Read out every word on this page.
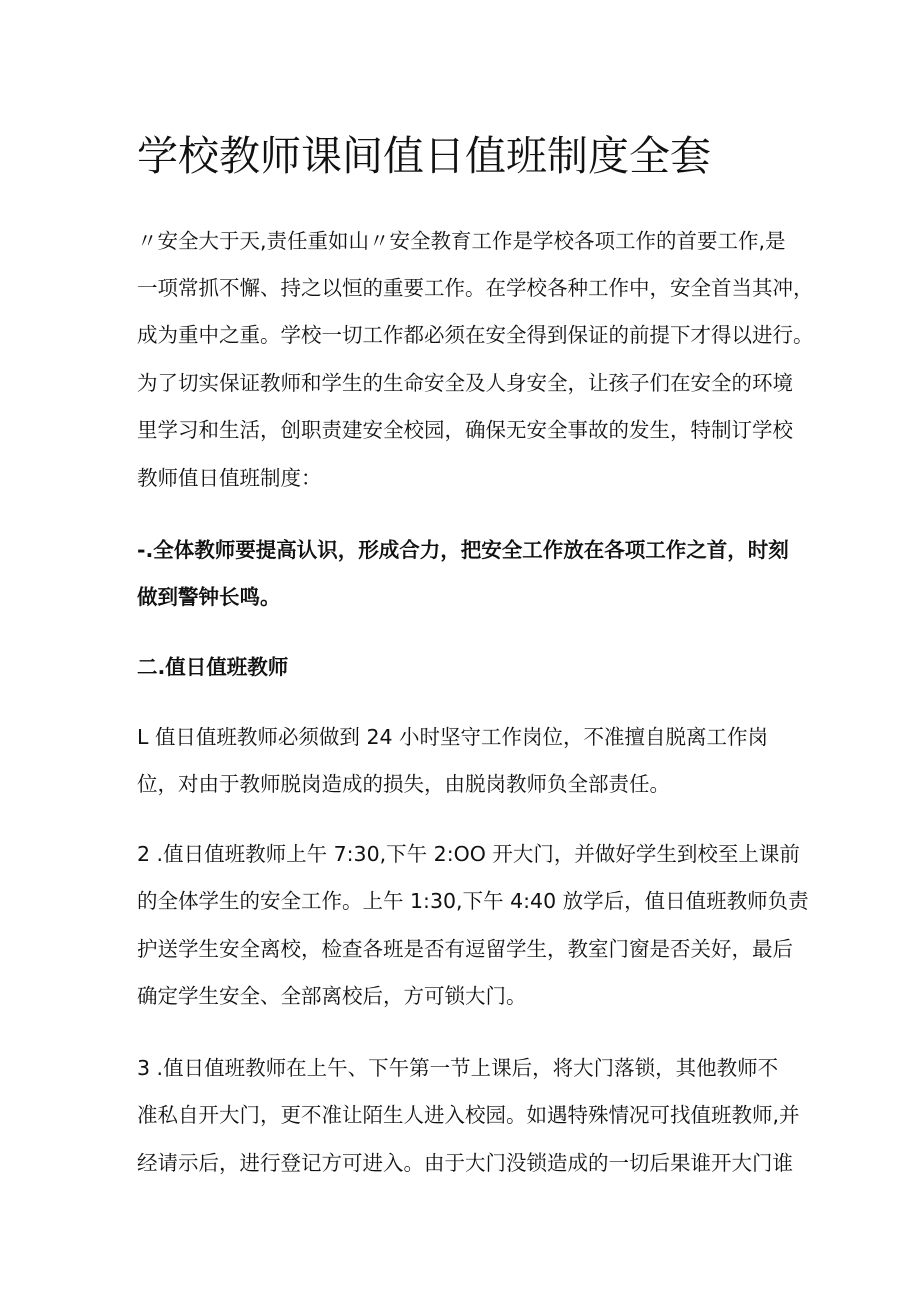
学校教师课间值日值班制度全套

〃安全大于天,责任重如山〃安全教育工作是学校各项工作的首要工作,是

一项常抓不懈、持之以恒的重要工作。在学校各种工作中，安全首当其冲，

成为重中之重。学校一切工作都必须在安全得到保证的前提下才得以进行。

为了切实保证教师和学生的生命安全及人身安全，让孩子们在安全的环境

里学习和生活，创职责建安全校园，确保无安全事故的发生，特制订学校

教师值日值班制度：

-.全体教师要提高认识，形成合力，把安全工作放在各项工作之首，时刻

做到警钟长鸣。

二.值日值班教师

L 值日值班教师必须做到 24 小时坚守工作岗位，不准擅自脱离工作岗

位，对由于教师脱岗造成的损失，由脱岗教师负全部责任。

2 .值日值班教师上午 7:30,下午 2:OO 开大门，并做好学生到校至上课前

的全体学生的安全工作。上午 1:30,下午 4:40 放学后，值日值班教师负责

护送学生安全离校，检查各班是否有逗留学生，教室门窗是否关好，最后

确定学生安全、全部离校后，方可锁大门。

3 .值日值班教师在上午、下午第一节上课后，将大门落锁，其他教师不

准私自开大门，更不准让陌生人进入校园。如遇特殊情况可找值班教师,并

经请示后，进行登记方可进入。由于大门没锁造成的一切后果谁开大门谁
